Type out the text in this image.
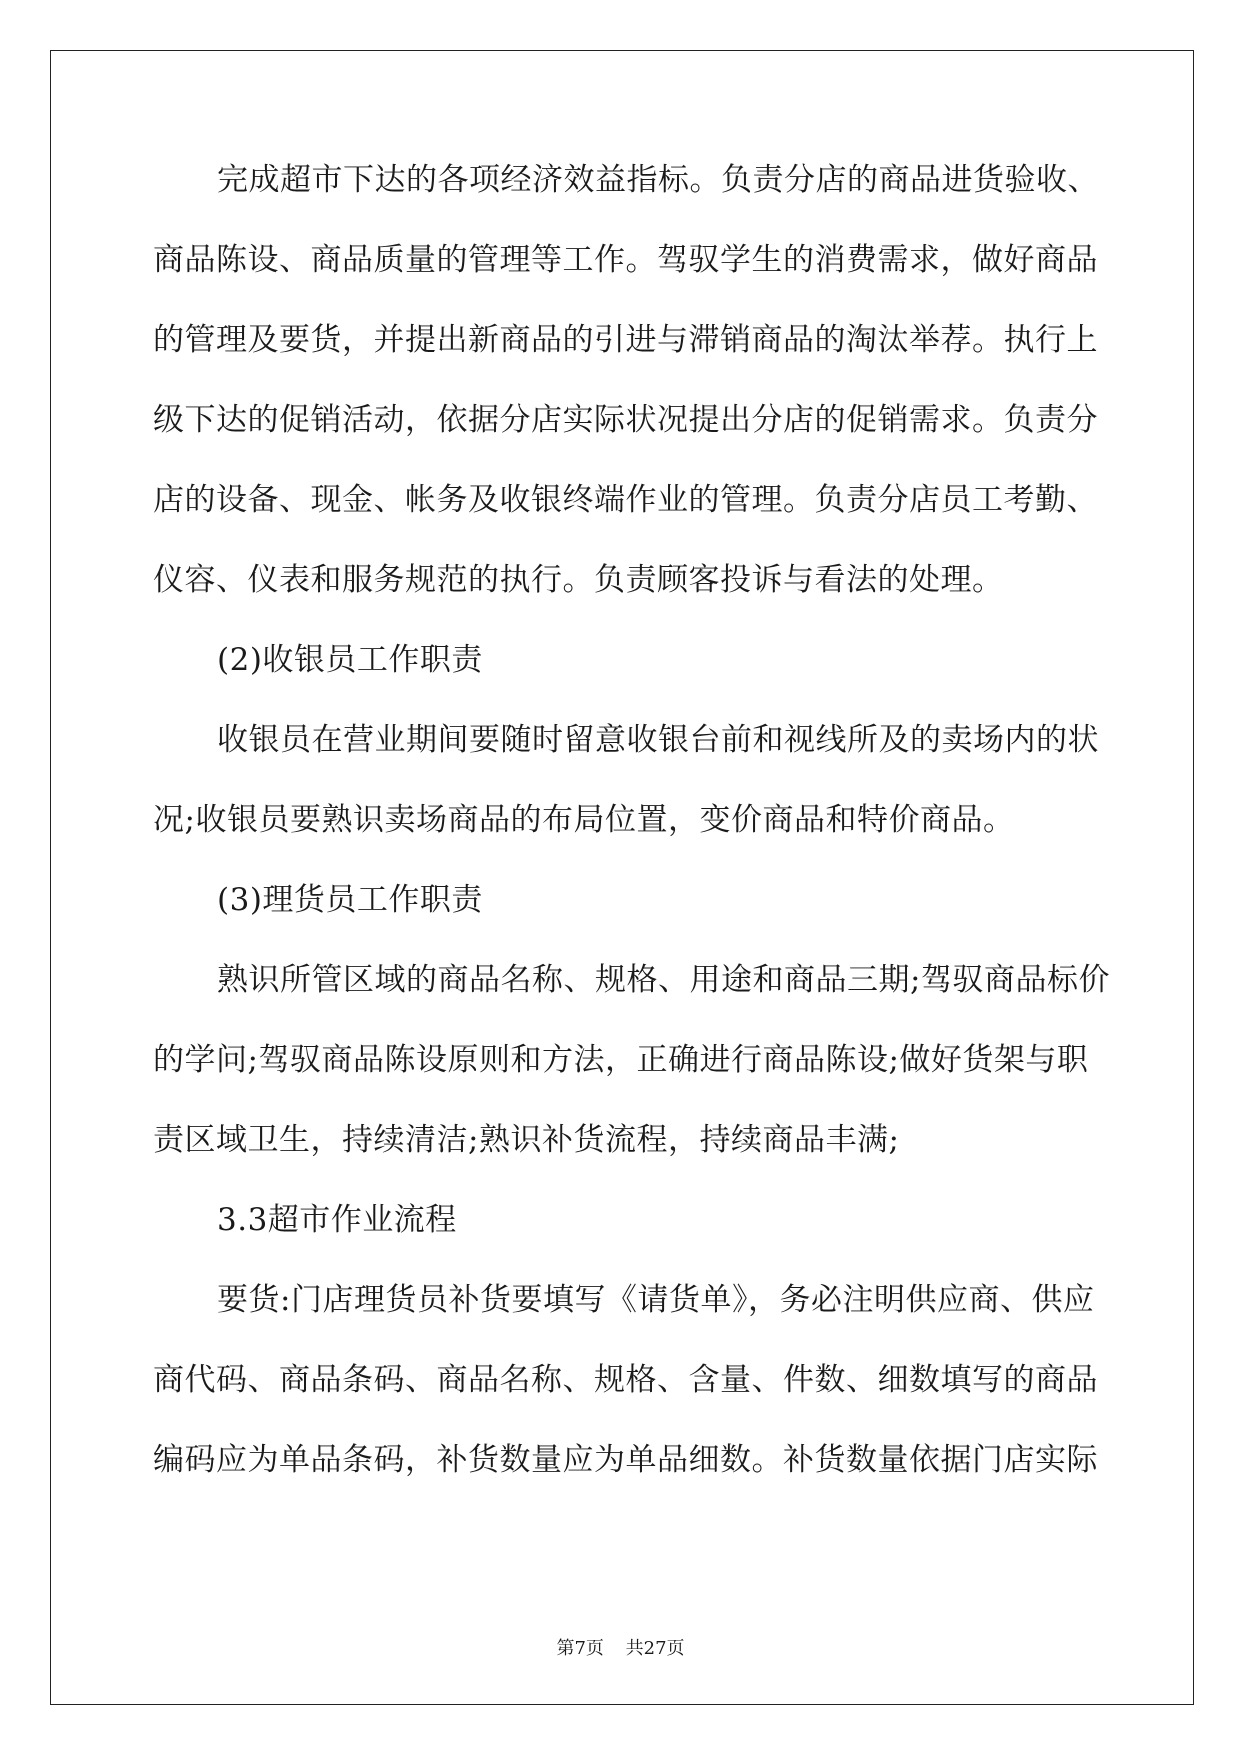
完成超市下达的各项经济效益指标。负责分店的商品进货验收、
商品陈设、商品质量的管理等工作。驾驭学生的消费需求，做好商品
的管理及要货，并提出新商品的引进与滞销商品的淘汰举荐。执行上
级下达的促销活动，依据分店实际状况提出分店的促销需求。负责分
店的设备、现金、帐务及收银终端作业的管理。负责分店员工考勤、
仪容、仪表和服务规范的执行。负责顾客投诉与看法的处理。
(2)收银员工作职责
收银员在营业期间要随时留意收银台前和视线所及的卖场内的状
况;收银员要熟识卖场商品的布局位置，变价商品和特价商品。
(3)理货员工作职责
熟识所管区域的商品名称、规格、用途和商品三期;驾驭商品标价
的学问;驾驭商品陈设原则和方法，正确进行商品陈设;做好货架与职
责区域卫生，持续清洁;熟识补货流程，持续商品丰满;
3.3超市作业流程
要货:门店理货员补货要填写《请货单》，务必注明供应商、供应
商代码、商品条码、商品名称、规格、含量、件数、细数填写的商品
编码应为单品条码，补货数量应为单品细数。补货数量依据门店实际
第7页 共27页
